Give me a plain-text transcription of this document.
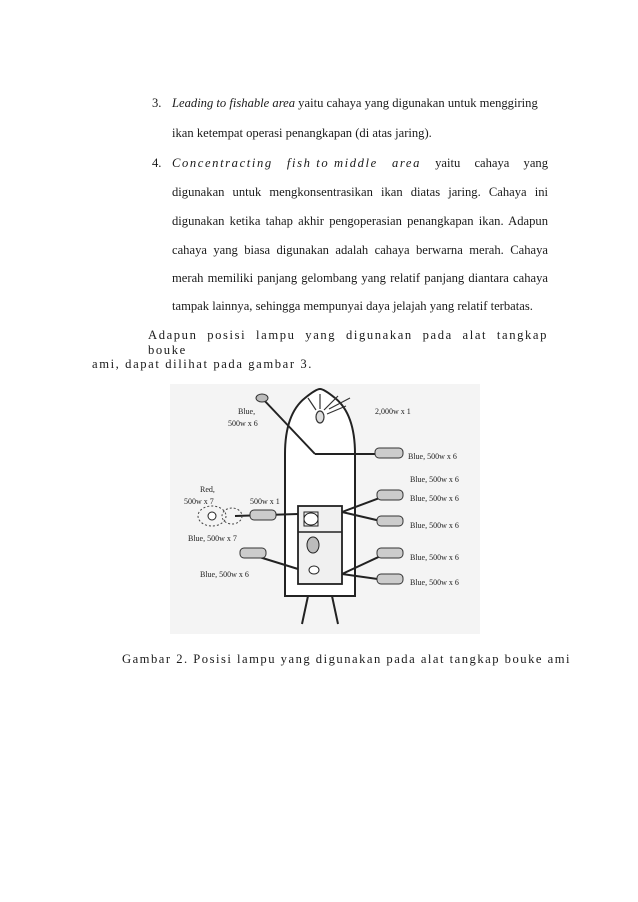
3. Leading to fishable area yaitu cahaya yang digunakan untuk menggiring
ikan ketempat operasi penangkapan (di atas jaring).
4. Concentracting fish to middle area yaitu cahaya yang
digunakan untuk mengkonsentrasikan ikan diatas jaring. Cahaya ini
digunakan ketika tahap akhir pengoperasian penangkapan ikan. Adapun
cahaya yang biasa digunakan adalah cahaya berwarna merah. Cahaya
merah memiliki panjang gelombang yang relatif panjang diantara cahaya
tampak lainnya, sehingga mempunyai daya jelajah yang relatif terbatas.
Adapun posisi lampu yang digunakan pada alat tangkap bouke
ami, dapat dilihat pada gambar 3.
Blue,
500w x 6
2,000w x 1
Blue, 500w x 6
Blue, 500w x 6
Blue, 500w x 6
Blue, 500w x 6
Blue, 500w x 6
Blue, 500w x 6
Red,
500w x 7	500w x 1
Blue, 500w x 7
Blue, 500w x 6
Gambar 2. Posisi lampu yang digunakan pada alat tangkap bouke ami
